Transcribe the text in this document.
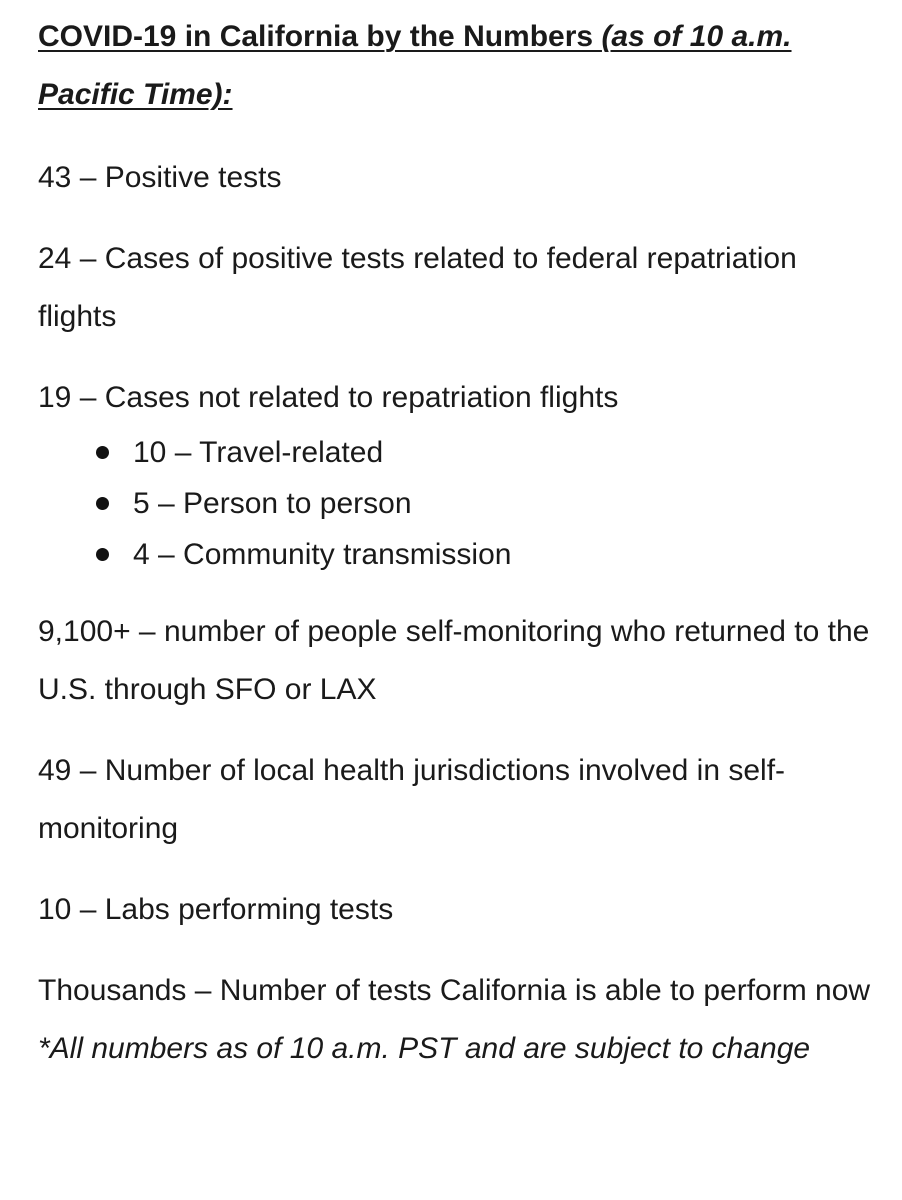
COVID-19 in California by the Numbers (as of 10 a.m. Pacific Time):

43 – Positive tests

24 – Cases of positive tests related to federal repatriation flights

19 – Cases not related to repatriation flights

10 – Travel-related
5 – Person to person
4 – Community transmission

9,100+ – number of people self-monitoring who returned to the U.S. through SFO or LAX

49 – Number of local health jurisdictions involved in self-monitoring

10 – Labs performing tests

Thousands – Number of tests California is able to perform now

*All numbers as of 10 a.m. PST and are subject to change
